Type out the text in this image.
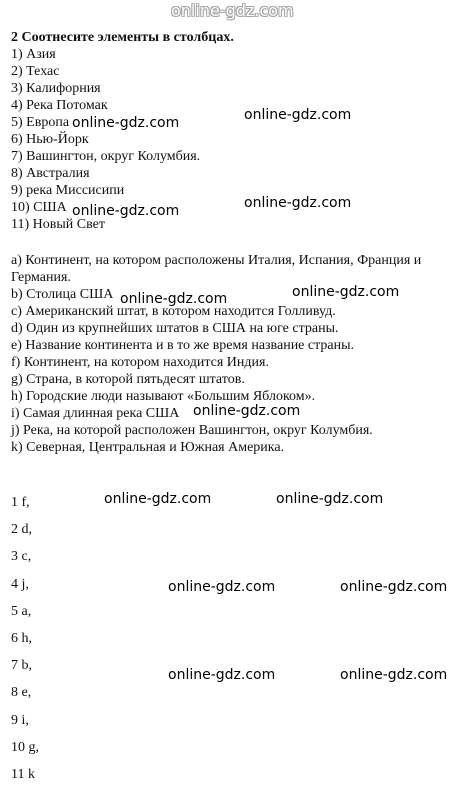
online-gdz.com
2 Соотнесите элементы в столбцах.
1) Азия
2) Техас
3) Калифорния
4) Река Потомак
5) Европа
6) Нью-Йорк
7) Вашингтон, округ Колумбия.
8) Австралия
9) река Миссисипи
10) США
11) Новый Свет
a) Континент, на котором расположены Италия, Испания, Франция и Германия.
b) Столица США
c) Американский штат, в котором находится Голливуд.
d) Один из крупнейших штатов в США на юге страны.
e) Название континента и в то же время название страны.
f) Континент, на котором находится Индия.
g) Страна, в которой пятьдесят штатов.
h) Городские люди называют «Большим Яблоком».
i) Самая длинная река США
j) Река, на которой расположен Вашингтон, округ Колумбия.
k) Северная, Центральная и Южная Америка.
1 f,
2 d,
3 c,
4 j,
5 a,
6 h,
7 b,
8 e,
9 i,
10 g,
11 k
online-gdz.com	online-gdz.com
online-gdz.com	online-gdz.com
online-gdz.com	online-gdz.com
online-gdz.com
online-gdz.com	online-gdz.com
online-gdz.com	online-gdz.com
online-gdz.com	online-gdz.com
